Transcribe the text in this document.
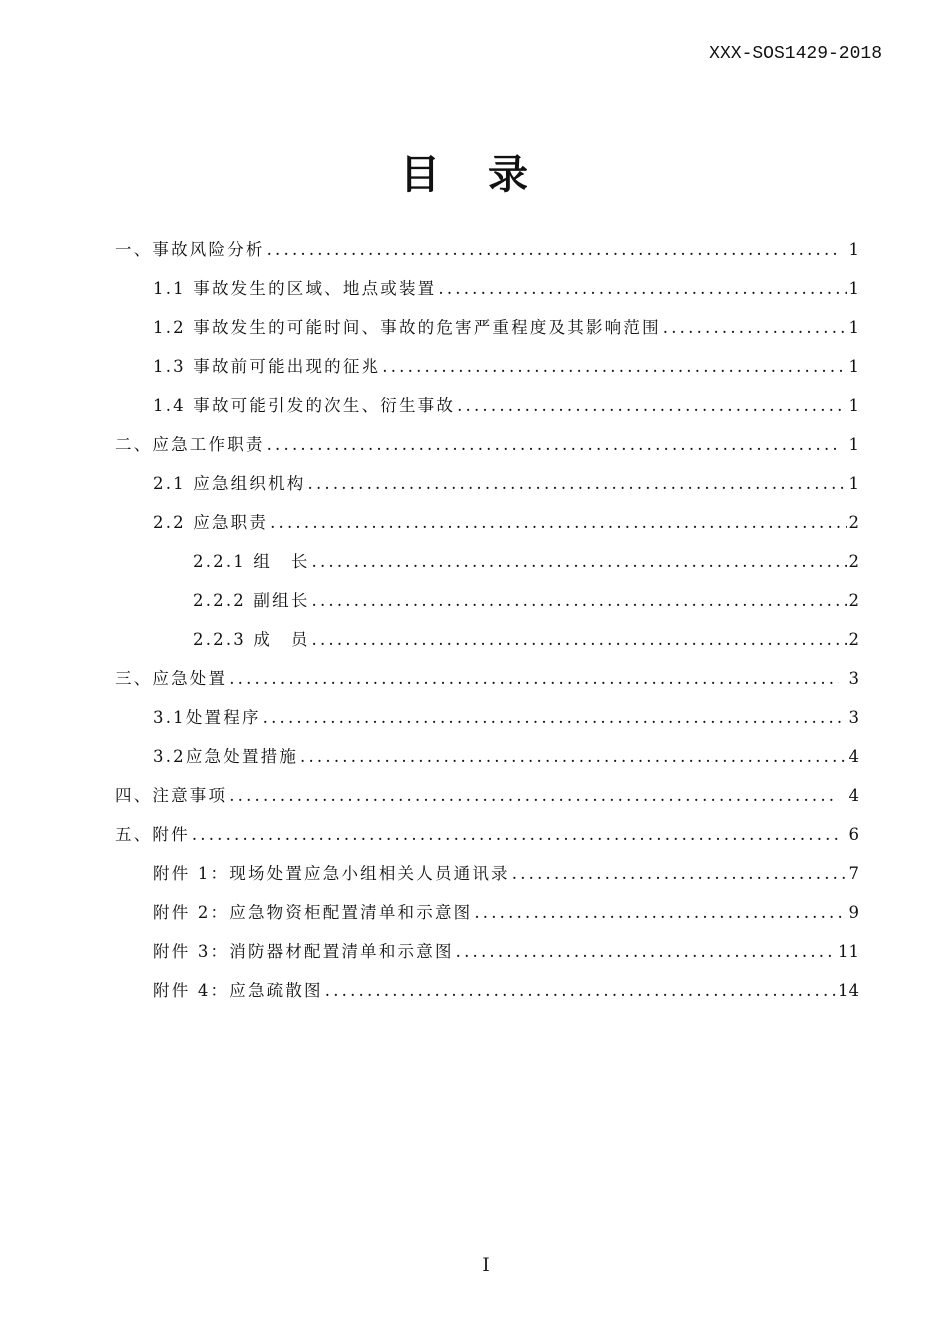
XXX-SOS1429-2018
目录
一、事故风险分析 .....	1
1.1 事故发生的区域、地点或装置 .....	1
1.2 事故发生的可能时间、事故的危害严重程度及其影响范围 .....	1
1.3 事故前可能出现的征兆 .....	1
1.4 事故可能引发的次生、衍生事故 .....	1
二、应急工作职责 .....	1
2.1 应急组织机构 .....	1
2.2 应急职责 .....	2
2.2.1 组　长 .....	2
2.2.2 副组长 .....	2
2.2.3 成　员 .....	2
三、应急处置 .....	3
3.1处置程序 .....	3
3.2应急处置措施 .....	4
四、注意事项 .....	4
五、附件 .....	6
附件 1：现场处置应急小组相关人员通讯录 .....	7
附件 2：应急物资柜配置清单和示意图 .....	9
附件 3：消防器材配置清单和示意图 .....	11
附件 4：应急疏散图 .....	14
I
